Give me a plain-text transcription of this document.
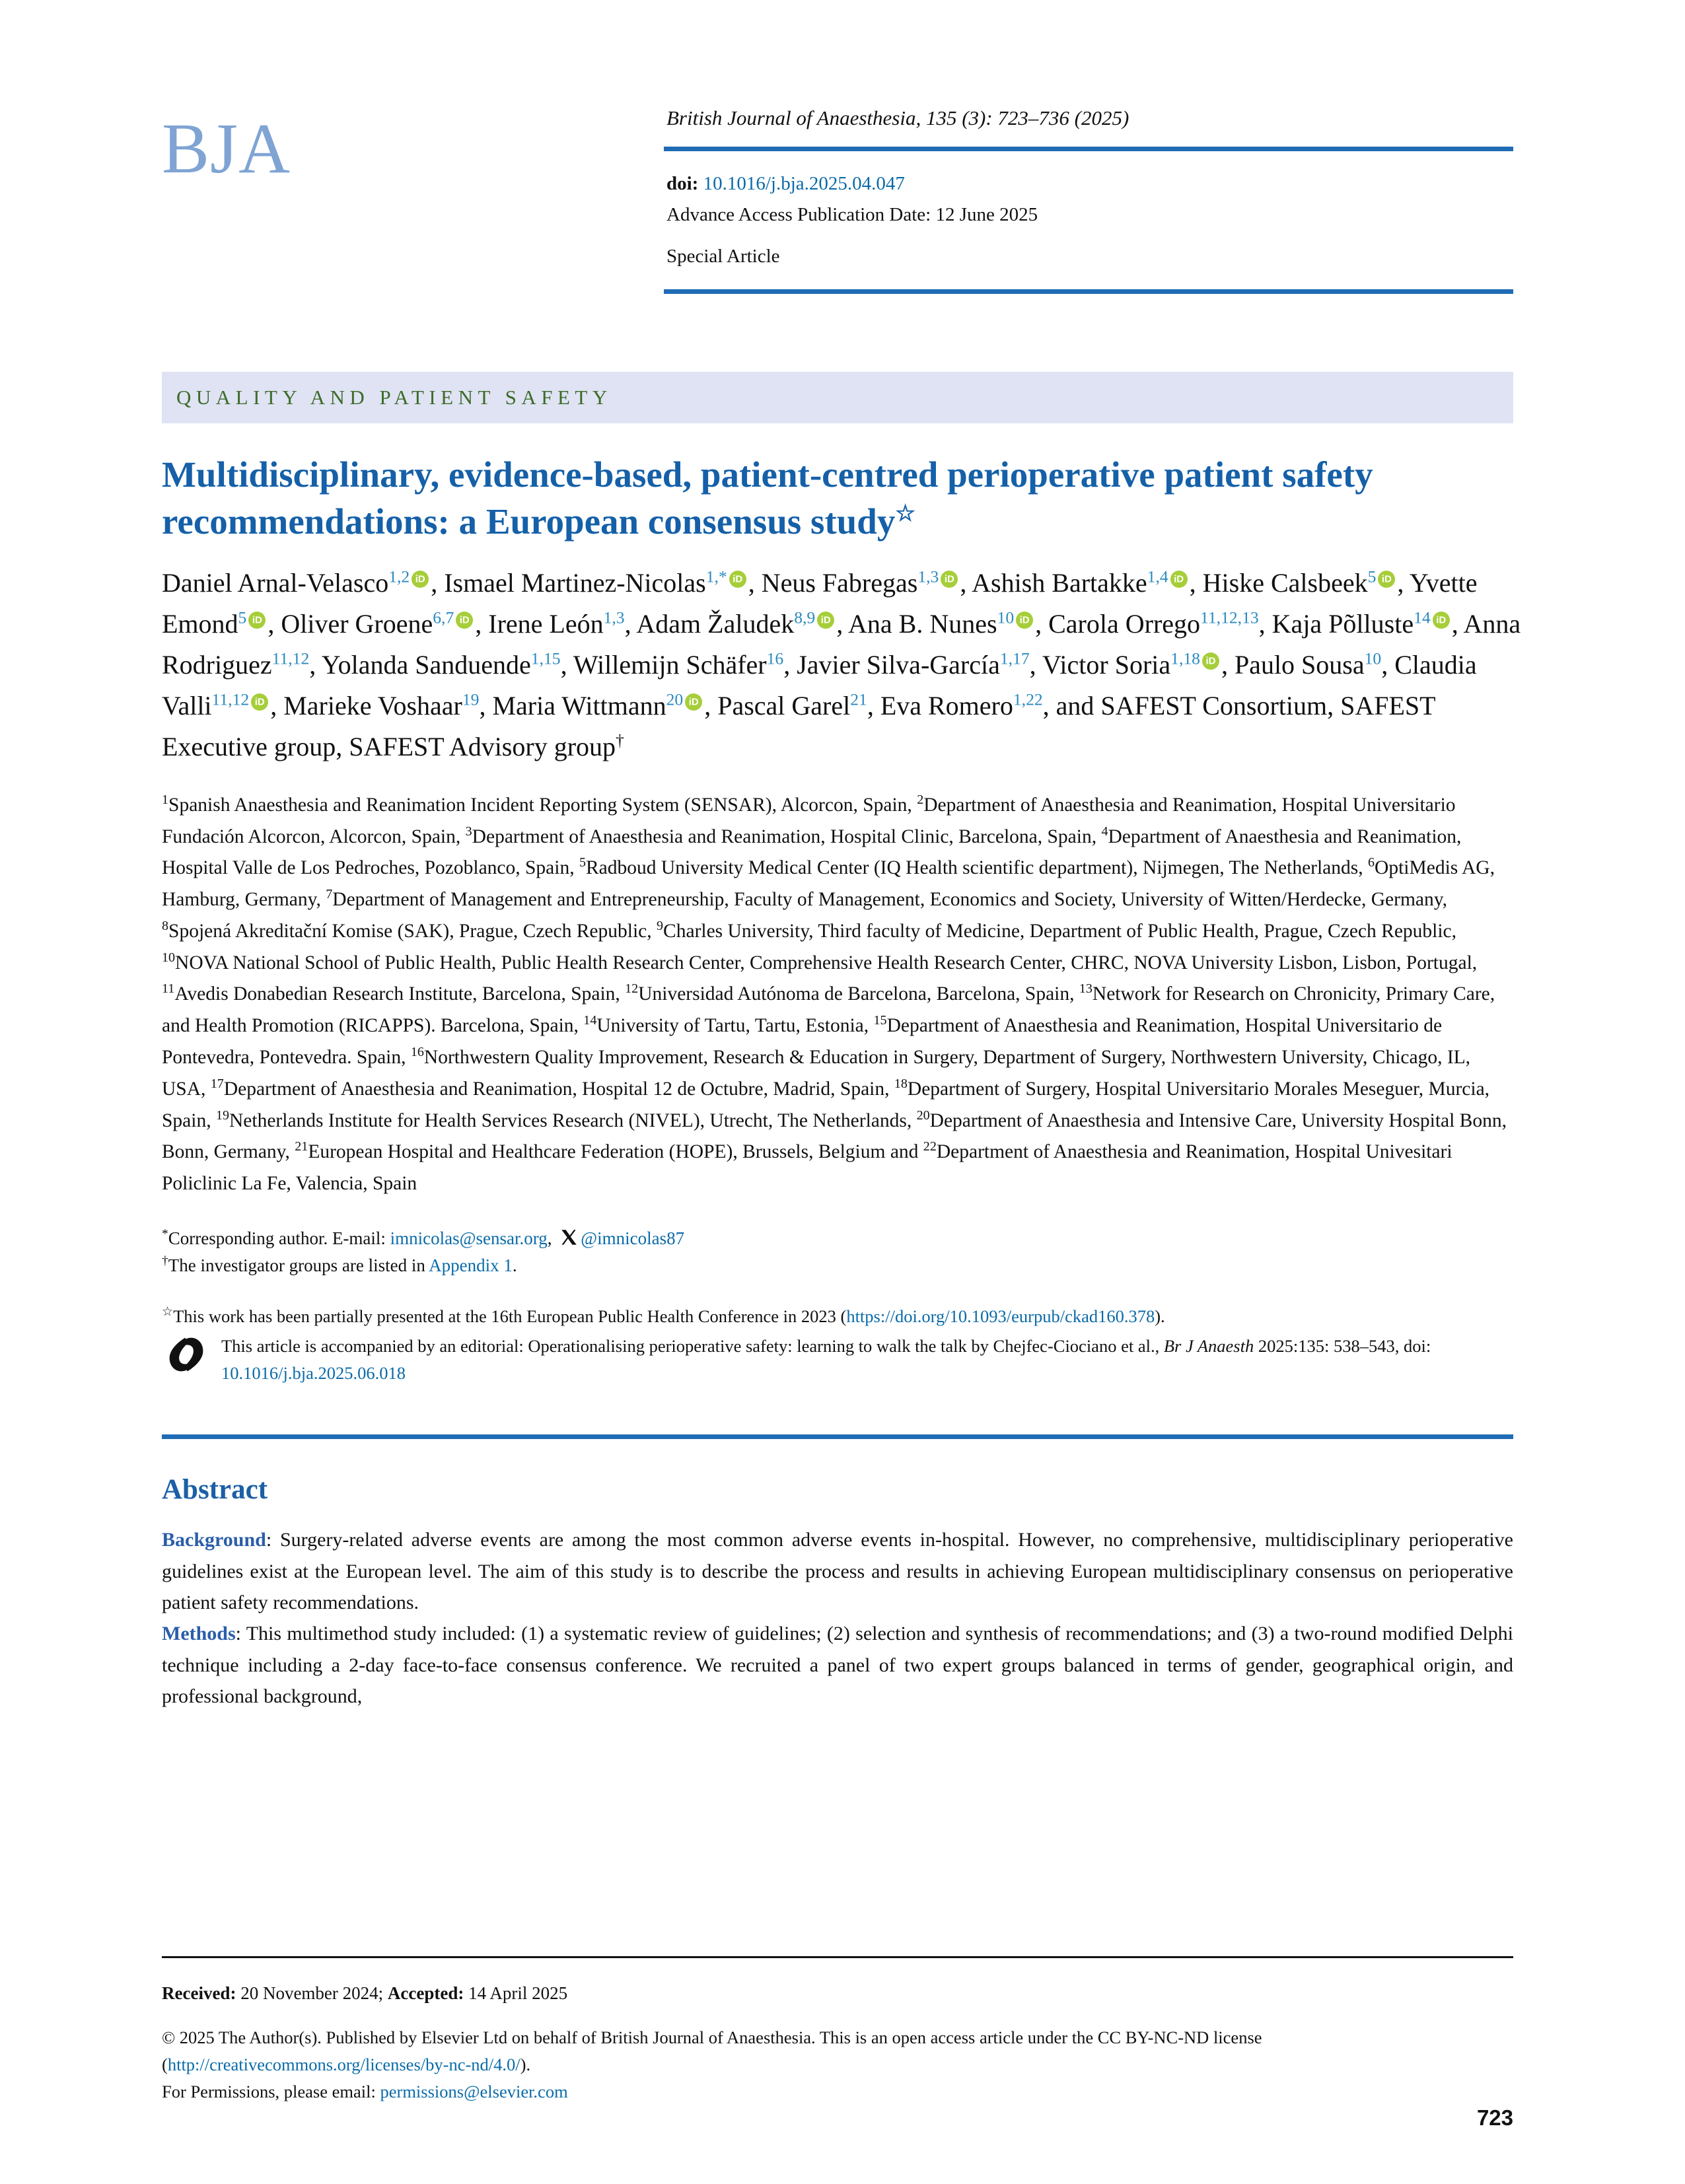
BJA	British Journal of Anaesthesia, 135 (3): 723–736 (2025)
doi: 10.1016/j.bja.2025.04.047
Advance Access Publication Date: 12 June 2025
Special Article
QUALITY AND PATIENT SAFETY
Multidisciplinary, evidence-based, patient-centred perioperative patient safety recommendations: a European consensus study☆
Daniel Arnal-Velasco$^{1,2}$ iD , Ismael Martinez-Nicolas$^{1,*}$ iD , Neus Fabregas$^{1,3}$ iD , Ashish Bartakke$^{1,4}$ iD , Hiske Calsbeek$^5$ iD , Yvette Emond$^5$ iD , Oliver Groene$^{6,7}$ iD , Irene León$^{1,3}$, Adam Žaludek$^{8,9}$ iD , Ana B. Nunes$^{10}$ iD , Carola Orrego$^{11,12,13}$, Kaja Põlluste$^{14}$ iD , Anna Rodriguez$^{11,12}$, Yolanda Sanduende$^{1,15}$, Willemijn Schäfer$^{16}$, Javier Silva-García$^{1,17}$, Victor Soria$^{1,18}$ iD , Paulo Sousa$^{10}$, Claudia Valli$^{11,12}$ iD , Marieke Voshaar$^{19}$, Maria Wittmann$^{20}$iD , Pascal Garel$^{21}$, Eva Romero$^{1,22}$, and SAFEST Consortium, SAFEST Executive group, SAFEST Advisory group†
$^1$Spanish Anaesthesia and Reanimation Incident Reporting System (SENSAR), Alcorcon, Spain, $^2$Department of Anaesthesia and Reanimation, Hospital Universitario Fundación Alcorcon, Alcorcon, Spain, $^3$Department of Anaesthesia and Reanimation, Hospital Clinic, Barcelona, Spain, $^4$Department of Anaesthesia and Reanimation, Hospital Valle de Los Pedroches, Pozoblanco, Spain, $^5$Radboud University Medical Center (IQ Health scientific department), Nijmegen, The Netherlands, $^6$OptiMedis AG, Hamburg, Germany, $^7$Department of Management and Entrepreneurship, Faculty of Management, Economics and Society, University of Witten/Herdecke, Germany, $^8$Spojená Akreditační Komise (SAK), Prague, Czech Republic, $^9$Charles University, Third faculty of Medicine, Department of Public Health, Prague, Czech Republic, $^{10}$NOVA National School of Public Health, Public Health Research Center, Comprehensive Health Research Center, CHRC, NOVA University Lisbon, Lisbon, Portugal, $^{11}$Avedis Donabedian Research Institute, Barcelona, Spain, $^{12}$Universidad Autónoma de Barcelona, Barcelona, Spain, $^{13}$Network for Research on Chronicity, Primary Care, and Health Promotion (RICAPPS). Barcelona, Spain, $^{14}$University of Tartu, Tartu, Estonia, $^{15}$Department of Anaesthesia and Reanimation, Hospital Universitario de Pontevedra, Pontevedra. Spain, $^{16}$Northwestern Quality Improvement, Research & Education in Surgery, Department of Surgery, Northwestern University, Chicago, IL, USA, $^{17}$Department of Anaesthesia and Reanimation, Hospital 12 de Octubre, Madrid, Spain, $^{18}$Department of Surgery, Hospital Universitario Morales Meseguer, Murcia, Spain, $^{19}$Netherlands Institute for Health Services Research (NIVEL), Utrecht, The Netherlands, $^{20}$Department of Anaesthesia and Intensive Care, University Hospital Bonn, Bonn, Germany, $^{21}$European Hospital and Healthcare Federation (HOPE), Brussels, Belgium and $^{22}$Department of Anaesthesia and Reanimation, Hospital Univesitari Policlinic La Fe, Valencia, Spain
*Corresponding author. E-mail: imnicolas@sensar.org, @imnicolas87
†The investigator groups are listed in Appendix 1.
☆This work has been partially presented at the 16th European Public Health Conference in 2023 (https://doi.org/10.1093/eurpub/ckad160.378).
This article is accompanied by an editorial: Operationalising perioperative safety: learning to walk the talk by Chejfec-Ciociano et al., Br J Anaesth 2025:135: 538–543, doi: 10.1016/j.bja.2025.06.018
Abstract

Background: Surgery-related adverse events are among the most common adverse events in-hospital. However, no comprehensive, multidisciplinary perioperative guidelines exist at the European level. The aim of this study is to describe the process and results in achieving European multidisciplinary consensus on perioperative patient safety recommendations.

Methods: This multimethod study included: (1) a systematic review of guidelines; (2) selection and synthesis of recommendations; and (3) a two-round modified Delphi technique including a 2-day face-to-face consensus conference. We recruited a panel of two expert groups balanced in terms of gender, geographical origin, and professional background,

Received: 20 November 2024; Accepted: 14 April 2025
© 2025 The Author(s). Published by Elsevier Ltd on behalf of British Journal of Anaesthesia. This is an open access article under the CC BY-NC-ND license
(http://creativecommons.org/licenses/by-nc-nd/4.0/).
For Permissions, please email: permissions@elsevier.com
723
